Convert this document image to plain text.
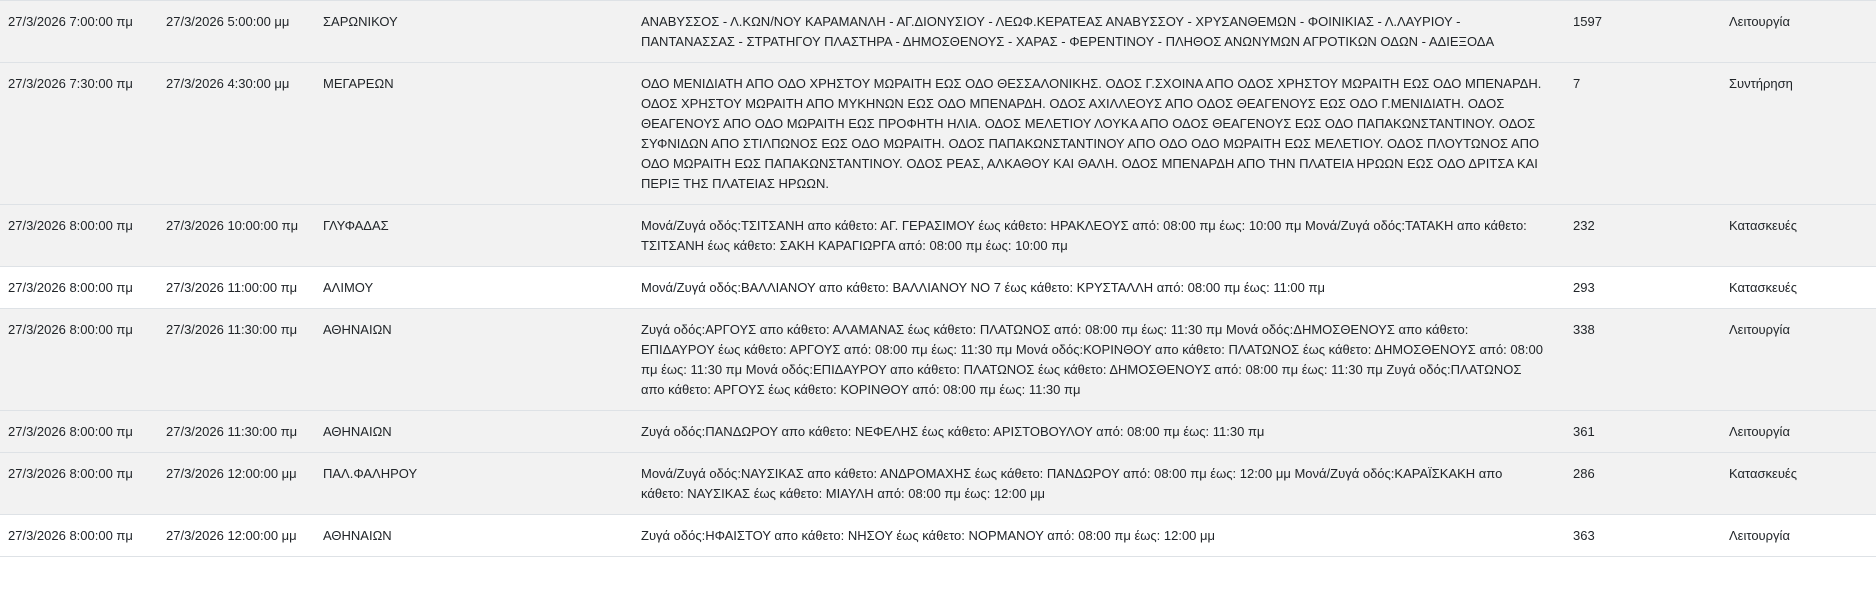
27/3/2026 7:00:00 πμ	27/3/2026 5:00:00 μμ	ΣΑΡΩΝΙΚΟΥ	ΑΝΑΒΥΣΣΟΣ - Λ.ΚΩΝ/ΝΟΥ ΚΑΡΑΜΑΝΛΗ - ΑΓ.ΔΙΟΝΥΣΙΟΥ - ΛΕΩΦ.ΚΕΡΑΤΕΑΣ ΑΝΑΒΥΣΣΟΥ - ΧΡΥΣΑΝΘΕΜΩΝ - ΦΟΙΝΙΚΙΑΣ - Λ.ΛΑΥΡΙΟΥ - ΠΑΝΤΑΝΑΣΣΑΣ - ΣΤΡΑΤΗΓΟΥ ΠΛΑΣΤΗΡΑ - ΔΗΜΟΣΘΕΝΟΥΣ - ΧΑΡΑΣ - ΦΕΡΕΝΤΙΝΟΥ - ΠΛΗΘΟΣ ΑΝΩΝΥΜΩΝ ΑΓΡΟΤΙΚΩΝ ΟΔΩΝ - ΑΔΙΕΞΟΔΑ	1597	Λειτουργία
27/3/2026 7:30:00 πμ	27/3/2026 4:30:00 μμ	ΜΕΓΑΡΕΩΝ	ΟΔΟ ΜΕΝΙΔΙΑΤΗ ΑΠΟ ΟΔΟ ΧΡΗΣΤΟΥ ΜΩΡΑΙΤΗ ΕΩΣ ΟΔΟ ΘΕΣΣΑΛΟΝΙΚΗΣ. ΟΔΟΣ Γ.ΣΧΟΙΝΑ ΑΠΟ ΟΔΟΣ ΧΡΗΣΤΟΥ ΜΩΡΑΙΤΗ ΕΩΣ ΟΔΟ ΜΠΕΝΑΡΔΗ. ΟΔΟΣ ΧΡΗΣΤΟΥ ΜΩΡΑΙΤΗ ΑΠΟ ΜΥΚΗΝΩΝ ΕΩΣ ΟΔΟ ΜΠΕΝΑΡΔΗ. ΟΔΟΣ ΑΧΙΛΛΕΟΥΣ ΑΠΟ ΟΔΟΣ ΘΕΑΓΕΝΟΥΣ ΕΩΣ ΟΔΟ Γ.ΜΕΝΙΔΙΑΤΗ. ΟΔΟΣ ΘΕΑΓΕΝΟΥΣ ΑΠΟ ΟΔΟ ΜΩΡΑΙΤΗ ΕΩΣ ΠΡΟΦΗΤΗ ΗΛΙΑ. ΟΔΟΣ ΜΕΛΕΤΙΟΥ ΛΟΥΚΑ ΑΠΟ ΟΔΟΣ ΘΕΑΓΕΝΟΥΣ ΕΩΣ ΟΔΟ ΠΑΠΑΚΩΝΣΤΑΝΤΙΝΟΥ. ΟΔΟΣ ΣΥΦΝΙΔΩΝ ΑΠΟ ΣΤΙΛΠΩΝΟΣ ΕΩΣ ΟΔΟ ΜΩΡΑΙΤΗ. ΟΔΟΣ ΠΑΠΑΚΩΝΣΤΑΝΤΙΝΟΥ ΑΠΟ ΟΔΟ ΟΔΟ ΜΩΡΑΙΤΗ ΕΩΣ ΜΕΛΕΤΙΟΥ. ΟΔΟΣ ΠΛΟΥΤΩΝΟΣ ΑΠΟ ΟΔΟ ΜΩΡΑΙΤΗ ΕΩΣ ΠΑΠΑΚΩΝΣΤΑΝΤΙΝΟΥ. ΟΔΟΣ ΡΕΑΣ, ΑΛΚΑΘΟΥ ΚΑΙ ΘΑΛΗ. ΟΔΟΣ ΜΠΕΝΑΡΔΗ ΑΠΟ ΤΗΝ ΠΛΑΤΕΙΑ ΗΡΩΩΝ ΕΩΣ ΟΔΟ ΔΡΙΤΣΑ ΚΑΙ ΠΕΡΙΞ ΤΗΣ ΠΛΑΤΕΙΑΣ ΗΡΩΩΝ.	7	Συντήρηση
27/3/2026 8:00:00 πμ	27/3/2026 10:00:00 πμ	ΓΛΥΦΑΔΑΣ	Μονά/Ζυγά οδός:ΤΣΙΤΣΑΝΗ απο κάθετο: ΑΓ. ΓΕΡΑΣΙΜΟΥ έως κάθετο: ΗΡΑΚΛΕΟΥΣ από: 08:00 πμ έως: 10:00 πμ Μονά/Ζυγά οδός:ΤΑΤΑΚΗ απο κάθετο: ΤΣΙΤΣΑΝΗ έως κάθετο: ΣΑΚΗ ΚΑΡΑΓΙΩΡΓΑ από: 08:00 πμ έως: 10:00 πμ	232	Κατασκευές
27/3/2026 8:00:00 πμ	27/3/2026 11:00:00 πμ	ΑΛΙΜΟΥ	Μονά/Ζυγά οδός:ΒΑΛΛΙΑΝΟΥ απο κάθετο: ΒΑΛΛΙΑΝΟΥ ΝΟ 7 έως κάθετο: ΚΡΥΣΤΑΛΛΗ από: 08:00 πμ έως: 11:00 πμ	293	Κατασκευές
27/3/2026 8:00:00 πμ	27/3/2026 11:30:00 πμ	ΑΘΗΝΑΙΩΝ	Ζυγά οδός:ΑΡΓΟΥΣ απο κάθετο: ΑΛΑΜΑΝΑΣ έως κάθετο: ΠΛΑΤΩΝΟΣ από: 08:00 πμ έως: 11:30 πμ Μονά οδός:ΔΗΜΟΣΘΕΝΟΥΣ απο κάθετο: ΕΠΙΔΑΥΡΟΥ έως κάθετο: ΑΡΓΟΥΣ από: 08:00 πμ έως: 11:30 πμ Μονά οδός:ΚΟΡΙΝΘΟΥ απο κάθετο: ΠΛΑΤΩΝΟΣ έως κάθετο: ΔΗΜΟΣΘΕΝΟΥΣ από: 08:00 πμ έως: 11:30 πμ Μονά οδός:ΕΠΙΔΑΥΡΟΥ απο κάθετο: ΠΛΑΤΩΝΟΣ έως κάθετο: ΔΗΜΟΣΘΕΝΟΥΣ από: 08:00 πμ έως: 11:30 πμ Ζυγά οδός:ΠΛΑΤΩΝΟΣ απο κάθετο: ΑΡΓΟΥΣ έως κάθετο: ΚΟΡΙΝΘΟΥ από: 08:00 πμ έως: 11:30 πμ	338	Λειτουργία
27/3/2026 8:00:00 πμ	27/3/2026 11:30:00 πμ	ΑΘΗΝΑΙΩΝ	Ζυγά οδός:ΠΑΝΔΩΡΟΥ απο κάθετο: ΝΕΦΕΛΗΣ έως κάθετο: ΑΡΙΣΤΟΒΟΥΛΟΥ από: 08:00 πμ έως: 11:30 πμ	361	Λειτουργία
27/3/2026 8:00:00 πμ	27/3/2026 12:00:00 μμ	ΠΑΛ.ΦΑΛΗΡΟΥ	Μονά/Ζυγά οδός:ΝΑΥΣΙΚΑΣ απο κάθετο: ΑΝΔΡΟΜΑΧΗΣ έως κάθετο: ΠΑΝΔΩΡΟΥ από: 08:00 πμ έως: 12:00 μμ Μονά/Ζυγά οδός:ΚΑΡΑΪΣΚΑΚΗ απο κάθετο: ΝΑΥΣΙΚΑΣ έως κάθετο: ΜΙΑΥΛΗ από: 08:00 πμ έως: 12:00 μμ	286	Κατασκευές
27/3/2026 8:00:00 πμ	27/3/2026 12:00:00 μμ	ΑΘΗΝΑΙΩΝ	Ζυγά οδός:ΗΦΑΙΣΤΟΥ απο κάθετο: ΝΗΣΟΥ έως κάθετο: ΝΟΡΜΑΝΟΥ από: 08:00 πμ έως: 12:00 μμ	363	Λειτουργία
